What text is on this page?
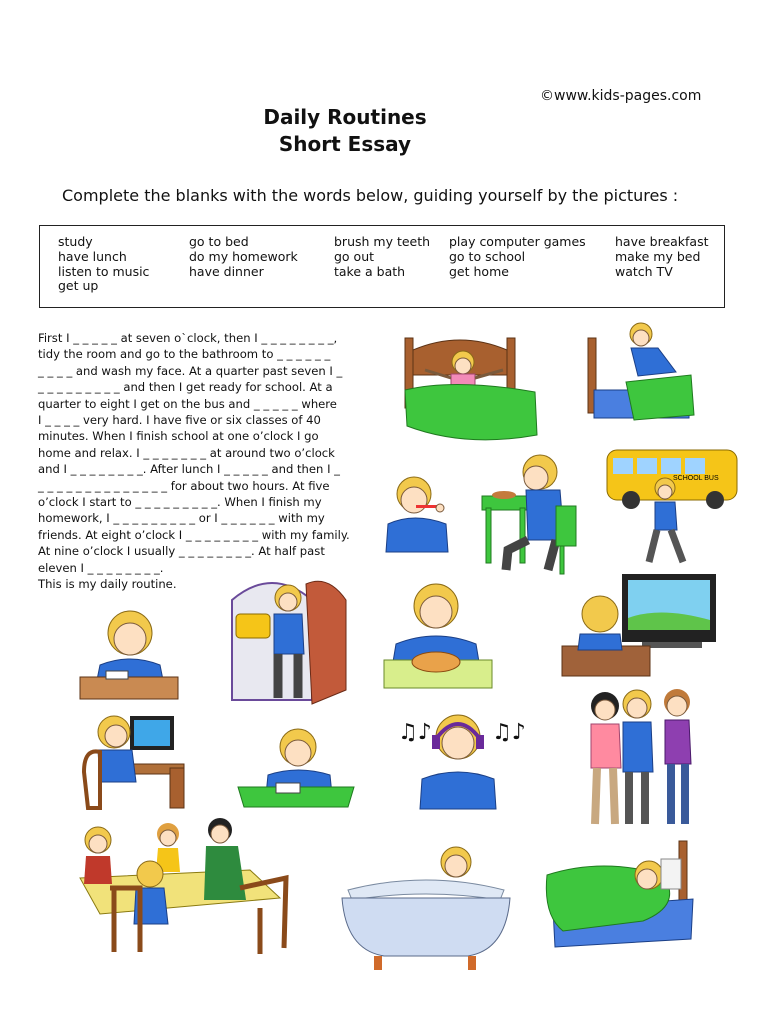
©www.kids-pages.com
Daily Routines
Short Essay
Complete the blanks with the words below, guiding yourself by the pictures :
study
have lunch
listen to music
get up
go to bed
do my homework
have dinner
brush my teeth
go out
take a bath
play computer games
go to school
get home
have breakfast
make my bed
watch TV
First I _ _ _ _ _ at seven o`clock, then I _ _ _ _ _ _ _ _,
tidy the room and go to the bathroom to _ _ _ _ _ _
_ _ _ _ and wash my face. At a quarter past seven I _
_ _ _ _ _ _ _ _ _ and then I get ready for school. At a
quarter to eight I get on the bus and _ _ _ _ _ where
I _ _ _ _ very hard. I have five or six classes of 40
minutes. When I finish school at one o’clock I go
home and relax. I _ _ _ _ _ _ _ at around two o’clock
and I _ _ _ _ _ _ _ _. After lunch I _ _ _ _ _ and then I _
_ _ _ _ _ _ _ _ _ _ _ _ _ _ for about two hours. At five
o’clock I start to _ _ _ _ _ _ _ _ _. When I finish my
homework, I _ _ _ _ _ _ _ _ _ or I _ _ _ _ _ _ with my
friends. At eight o’clock I _ _ _ _ _ _ _ _ with my family.
At nine o’clock I usually _ _ _ _ _ _ _ _. At half past
eleven I _ _ _ _ _ _ _ _.
This is my daily routine.
SCHOOL BUS
♫♪	♫♪
